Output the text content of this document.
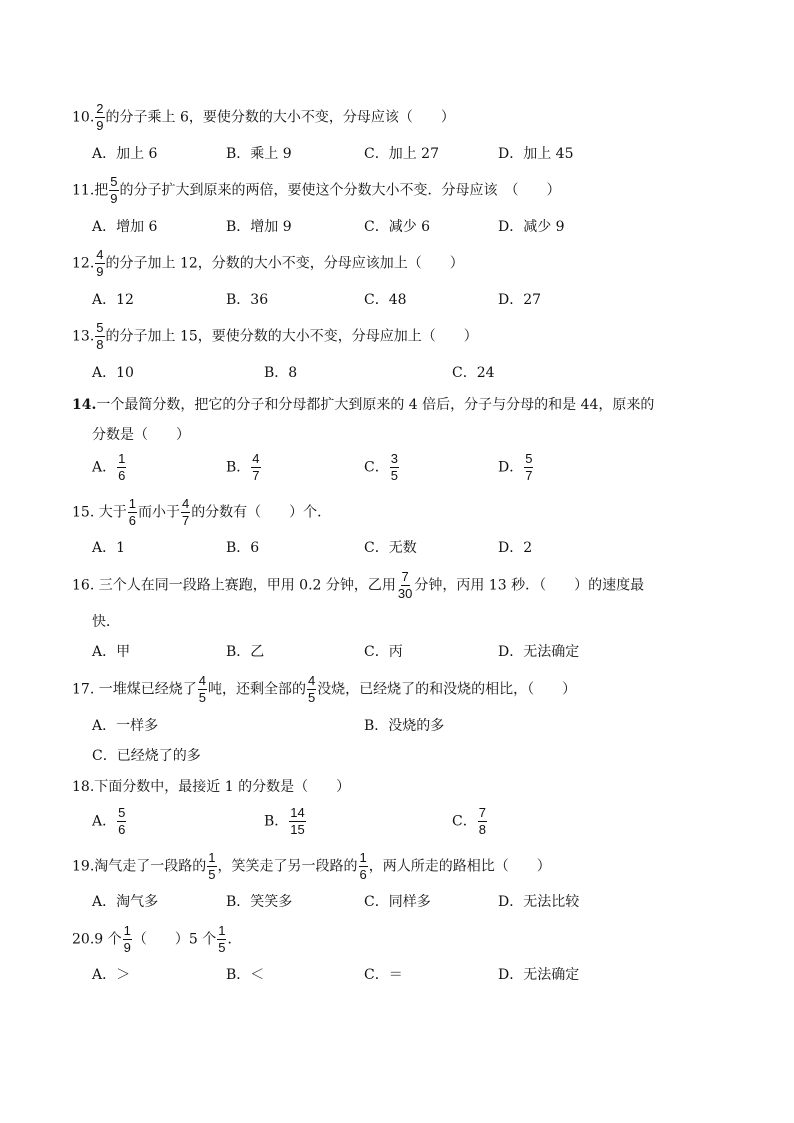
10. $\frac{2}{9}$ 的分子乘上 6，要使分数的大小不变，分母应该（　　）
A．加上 6	B．乘上 9	C．加上 27	D．加上 45
11.把 $\frac{5}{9}$ 的分子扩大到原来的两倍，要使这个分数大小不变．分母应该　（　　）
A．增加 6	B．增加 9	C．减少 6	D．减少 9
12. $\frac{4}{9}$ 的分子加上 12，分数的大小不变，分母应该加上（　　）
A．12	B．36	C．48	D．27
13. $\frac{5}{8}$ 的分子加上 15，要使分数的大小不变，分母应加上（　　）
A．10	B．8	C．24
14.一个最简分数，把它的分子和分母都扩大到原来的 4 倍后，分子与分母的和是 44，原来的
分数是（　　）
A． $\frac{1}{6}$	B． $\frac{4}{7}$	C． $\frac{3}{5}$	D． $\frac{5}{7}$
15. 大于 $\frac{1}{6}$ 而小于 $\frac{4}{7}$ 的分数有（　　）个．
A．1	B．6	C．无数	D．2
16. 三个人在同一段路上赛跑，甲用 0.2 分钟，乙用 $\frac{7}{30}$ 分钟，丙用 13 秒．（　　）的速度最
快．
A．甲	B．乙	C．丙	D．无法确定
17. 一堆煤已经烧了 $\frac{4}{5}$ 吨，还剩全部的 $\frac{4}{5}$ 没烧，已经烧了的和没烧的相比，（　　）
A．一样多	B．没烧的多
C．已经烧了的多
18.下面分数中，最接近 1 的分数是（　　）
A． $\frac{5}{6}$	B． $\frac{14}{15}$	C． $\frac{7}{8}$
19.淘气走了一段路的 $\frac{1}{5}$ ，笑笑走了另一段路的 $\frac{1}{6}$ ，两人所走的路相比（　　）
A．淘气多	B．笑笑多	C．同样多	D．无法比较
20.9 个 $\frac{1}{9}$ （　　）5 个 $\frac{1}{5}$ ．
A．＞	B．＜	C．＝	D．无法确定
